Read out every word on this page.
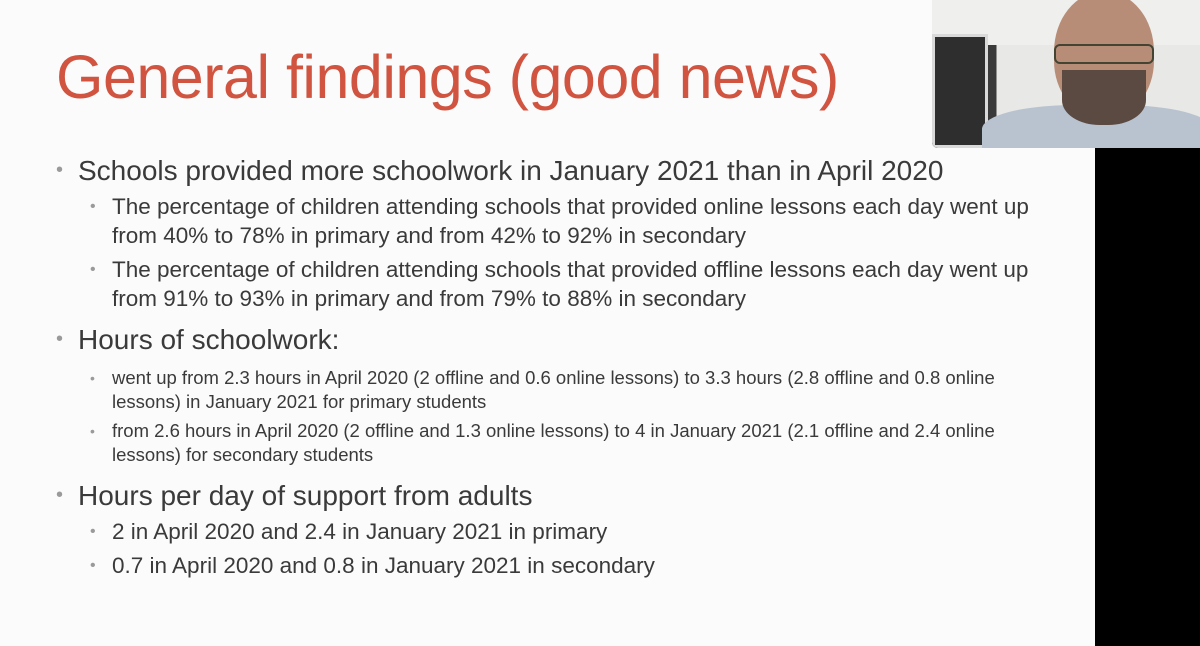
General findings (good news)
• Schools provided more schoolwork in January 2021 than in April 2020
• The percentage of children attending schools that provided online lessons each day went up from 40% to 78% in primary and from 42% to 92% in secondary
• The percentage of children attending schools that provided offline lessons each day went up from 91% to 93% in primary and from 79% to 88% in secondary
• Hours of schoolwork:
• went up from 2.3 hours in April 2020 (2 offline and 0.6 online lessons) to 3.3 hours (2.8 offline and 0.8 online lessons) in January 2021 for primary students
• from 2.6 hours in April 2020 (2 offline and 1.3 online lessons) to 4 in January 2021 (2.1 offline and 2.4 online lessons) for secondary students
• Hours per day of support from adults
• 2 in April 2020 and 2.4 in January 2021 in primary
• 0.7 in April 2020 and 0.8 in January 2021 in secondary
